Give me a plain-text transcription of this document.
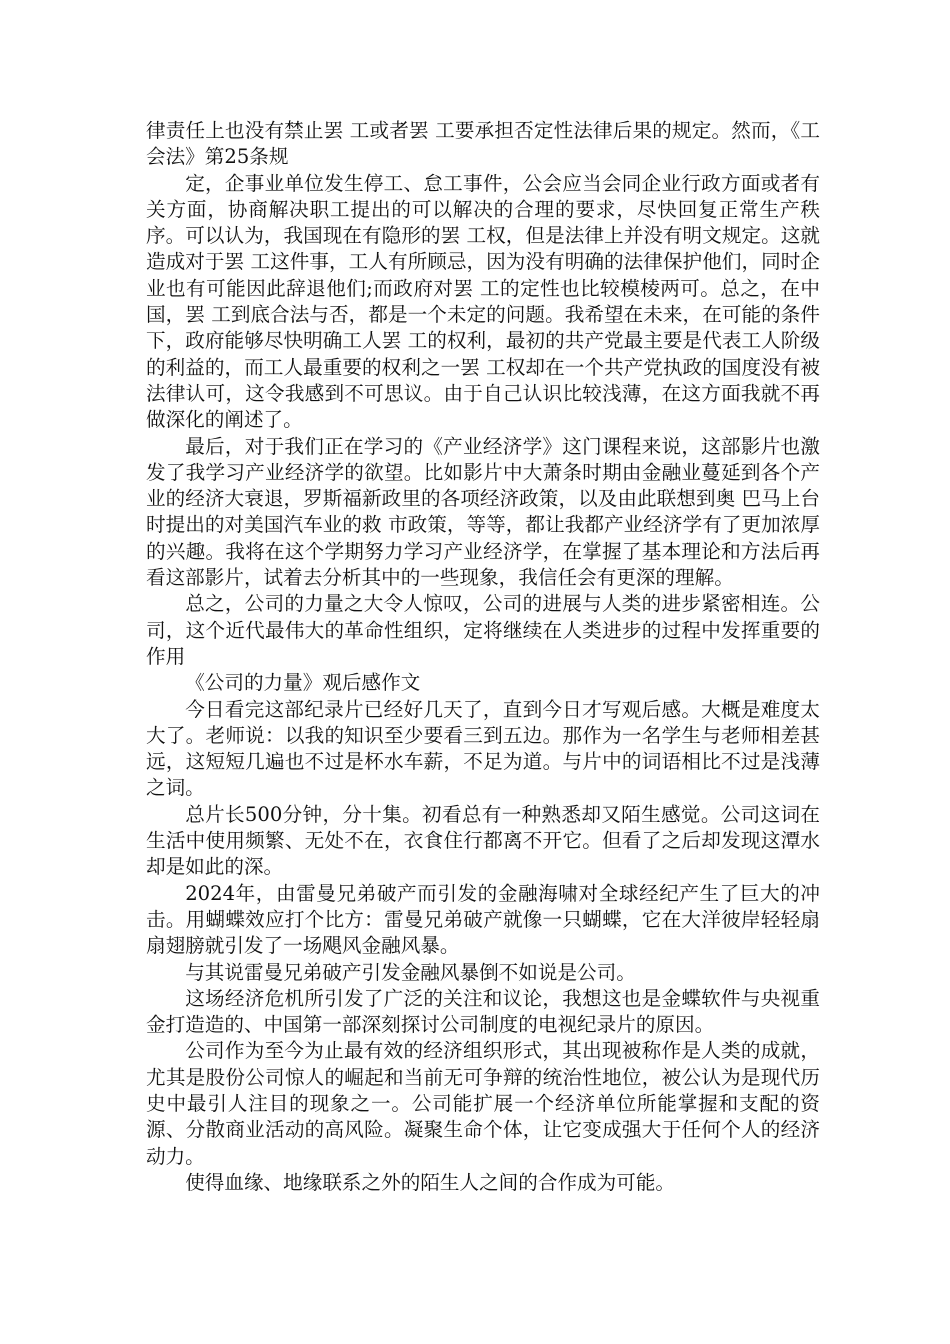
律责任上也没有禁止罢 工或者罢 工要承担否定性法律后果的规定。然而，《工会法》第25条规

定，企事业单位发生停工、怠工事件，公会应当会同企业行政方面或者有关方面，协商解决职工提出的可以解决的合理的要求，尽快回复正常生产秩序。可以认为，我国现在有隐形的罢 工权，但是法律上并没有明文规定。这就造成对于罢 工这件事，工人有所顾忌，因为没有明确的法律保护他们，同时企业也有可能因此辞退他们;而政府对罢 工的定性也比较模棱两可。总之，在中国，罢 工到底合法与否，都是一个未定的问题。我希望在未来，在可能的条件下，政府能够尽快明确工人罢 工的权利，最初的共产党最主要是代表工人阶级的利益的，而工人最重要的权利之一罢 工权却在一个共产党执政的国度没有被法律认可，这令我感到不可思议。由于自己认识比较浅薄，在这方面我就不再做深化的阐述了。

最后，对于我们正在学习的《产业经济学》这门课程来说，这部影片也激发了我学习产业经济学的欲望。比如影片中大萧条时期由金融业蔓延到各个产业的经济大衰退，罗斯福新政里的各项经济政策，以及由此联想到奥 巴马上台时提出的对美国汽车业的救 市政策，等等，都让我都产业经济学有了更加浓厚的兴趣。我将在这个学期努力学习产业经济学，在掌握了基本理论和方法后再看这部影片，试着去分析其中的一些现象，我信任会有更深的理解。

总之，公司的力量之大令人惊叹，公司的进展与人类的进步紧密相连。公司，这个近代最伟大的革命性组织，定将继续在人类进步的过程中发挥重要的作用

《公司的力量》观后感作文

今日看完这部纪录片已经好几天了，直到今日才写观后感。大概是难度太大了。老师说：以我的知识至少要看三到五边。那作为一名学生与老师相差甚远，这短短几遍也不过是杯水车薪，不足为道。与片中的词语相比不过是浅薄之词。

总片长500分钟，分十集。初看总有一种熟悉却又陌生感觉。公司这词在生活中使用频繁、无处不在，衣食住行都离不开它。但看了之后却发现这潭水却是如此的深。

2024年，由雷曼兄弟破产而引发的金融海啸对全球经纪产生了巨大的冲击。用蝴蝶效应打个比方：雷曼兄弟破产就像一只蝴蝶，它在大洋彼岸轻轻扇扇翅膀就引发了一场飓风金融风暴。

与其说雷曼兄弟破产引发金融风暴倒不如说是公司。

这场经济危机所引发了广泛的关注和议论，我想这也是金蝶软件与央视重金打造造的、中国第一部深刻探讨公司制度的电视纪录片的原因。

公司作为至今为止最有效的经济组织形式，其出现被称作是人类的成就，尤其是股份公司惊人的崛起和当前无可争辩的统治性地位，被公认为是现代历史中最引人注目的现象之一。公司能扩展一个经济单位所能掌握和支配的资源、分散商业活动的高风险。凝聚生命个体，让它变成强大于任何个人的经济动力。

使得血缘、地缘联系之外的陌生人之间的合作成为可能。
